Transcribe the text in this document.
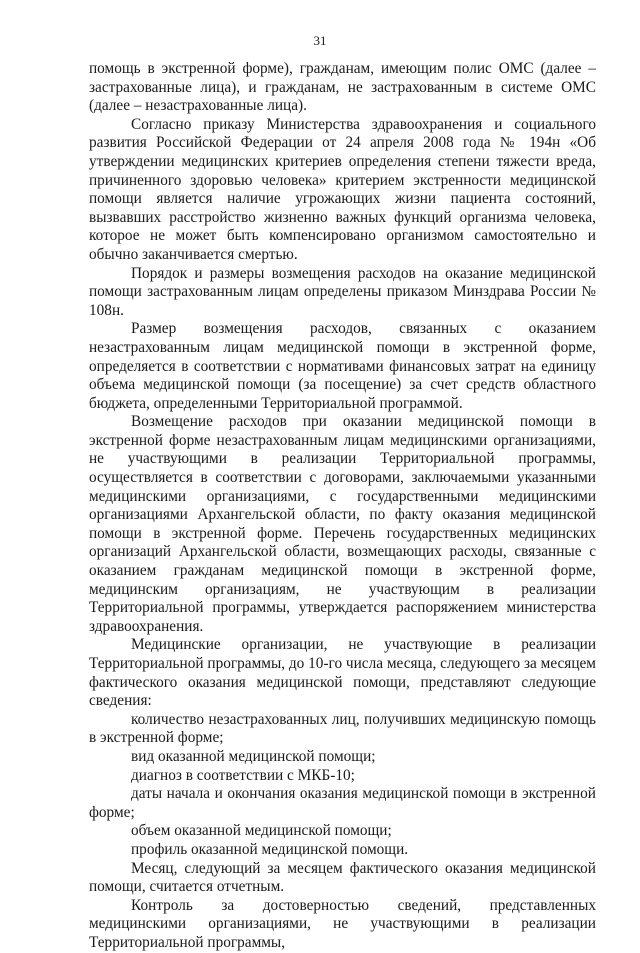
31

помощь в экстренной форме), гражданам, имеющим полис ОМС (далее – застрахованные лица), и гражданам, не застрахованным в системе ОМС (далее – незастрахованные лица).

Согласно приказу Министерства здравоохранения и социального развития Российской Федерации от 24 апреля 2008 года № 194н «Об утверждении медицинских критериев определения степени тяжести вреда, причиненного здоровью человека» критерием экстренности медицинской помощи является наличие угрожающих жизни пациента состояний, вызвавших расстройство жизненно важных функций организма человека, которое не может быть компенсировано организмом самостоятельно и обычно заканчивается смертью.

Порядок и размеры возмещения расходов на оказание медицинской помощи застрахованным лицам определены приказом Минздрава России № 108н.

Размер возмещения расходов, связанных с оказанием незастрахованным лицам медицинской помощи в экстренной форме, определяется в соответствии с нормативами финансовых затрат на единицу объема медицинской помощи (за посещение) за счет средств областного бюджета, определенными Территориальной программой.

Возмещение расходов при оказании медицинской помощи в экстренной форме незастрахованным лицам медицинскими организациями, не участвующими в реализации Территориальной программы, осуществляется в соответствии с договорами, заключаемыми указанными медицинскими организациями, с государственными медицинскими организациями Архангельской области, по факту оказания медицинской помощи в экстренной форме. Перечень государственных медицинских организаций Архангельской области, возмещающих расходы, связанные с оказанием гражданам медицинской помощи в экстренной форме, медицинским организациям, не участвующим в реализации Территориальной программы, утверждается распоряжением министерства здравоохранения.

Медицинские организации, не участвующие в реализации Территориальной программы, до 10-го числа месяца, следующего за месяцем фактического оказания медицинской помощи, представляют следующие сведения:

количество незастрахованных лиц, получивших медицинскую помощь в экстренной форме;

вид оказанной медицинской помощи;

диагноз в соответствии с МКБ-10;

даты начала и окончания оказания медицинской помощи в экстренной форме;

объем оказанной медицинской помощи;

профиль оказанной медицинской помощи.

Месяц, следующий за месяцем фактического оказания медицинской помощи, считается отчетным.

Контроль за достоверностью сведений, представленных медицинскими организациями, не участвующими в реализации Территориальной программы,
